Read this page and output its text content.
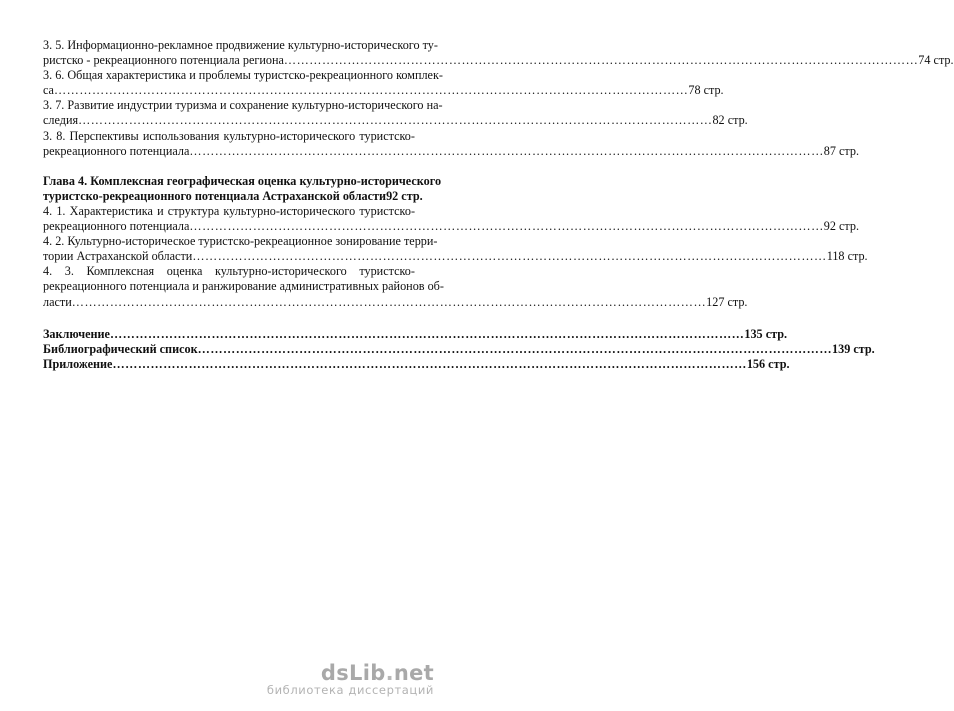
3. 5. Информационно-рекламное продвижение культурно-исторического ту-
ристско - рекреационного потенциала региона ……………………………………………………………………………………………………………………………………	74 стр.
3. 6. Общая характеристика и проблемы туристско-рекреационного комплек-
са ……………………………………………………………………………………………………………………………………	78 стр.
3. 7. Развитие индустрии туризма и сохранение культурно-исторического на-
следия ……………………………………………………………………………………………………………………………………	82 стр.
3. 8. Перспективы использования культурно-исторического туристско-
рекреационного потенциала ……………………………………………………………………………………………………………………………………	87 стр.
Глава 4. Комплексная географическая оценка культурно-исторического
туристско-рекреационного потенциала Астраханской области 92 стр.
4. 1. Характеристика и структура культурно-исторического туристско-
рекреационного потенциала ……………………………………………………………………………………………………………………………………	92 стр.
4. 2. Культурно-историческое туристско-рекреационное зонирование терри-
тории Астраханской области ……………………………………………………………………………………………………………………………………	118 стр.
4. 3. Комплексная оценка культурно-исторического туристско-
рекреационного потенциала и ранжирование административных районов об-
ласти ……………………………………………………………………………………………………………………………………	127 стр.
Заключение ……………………………………………………………………………………………………………………………………	135 стр.
Библиографический список ……………………………………………………………………………………………………………………………………	139 стр.
Приложение ……………………………………………………………………………………………………………………………………	156 стр.
dsLib.net
библиотека диссертаций
